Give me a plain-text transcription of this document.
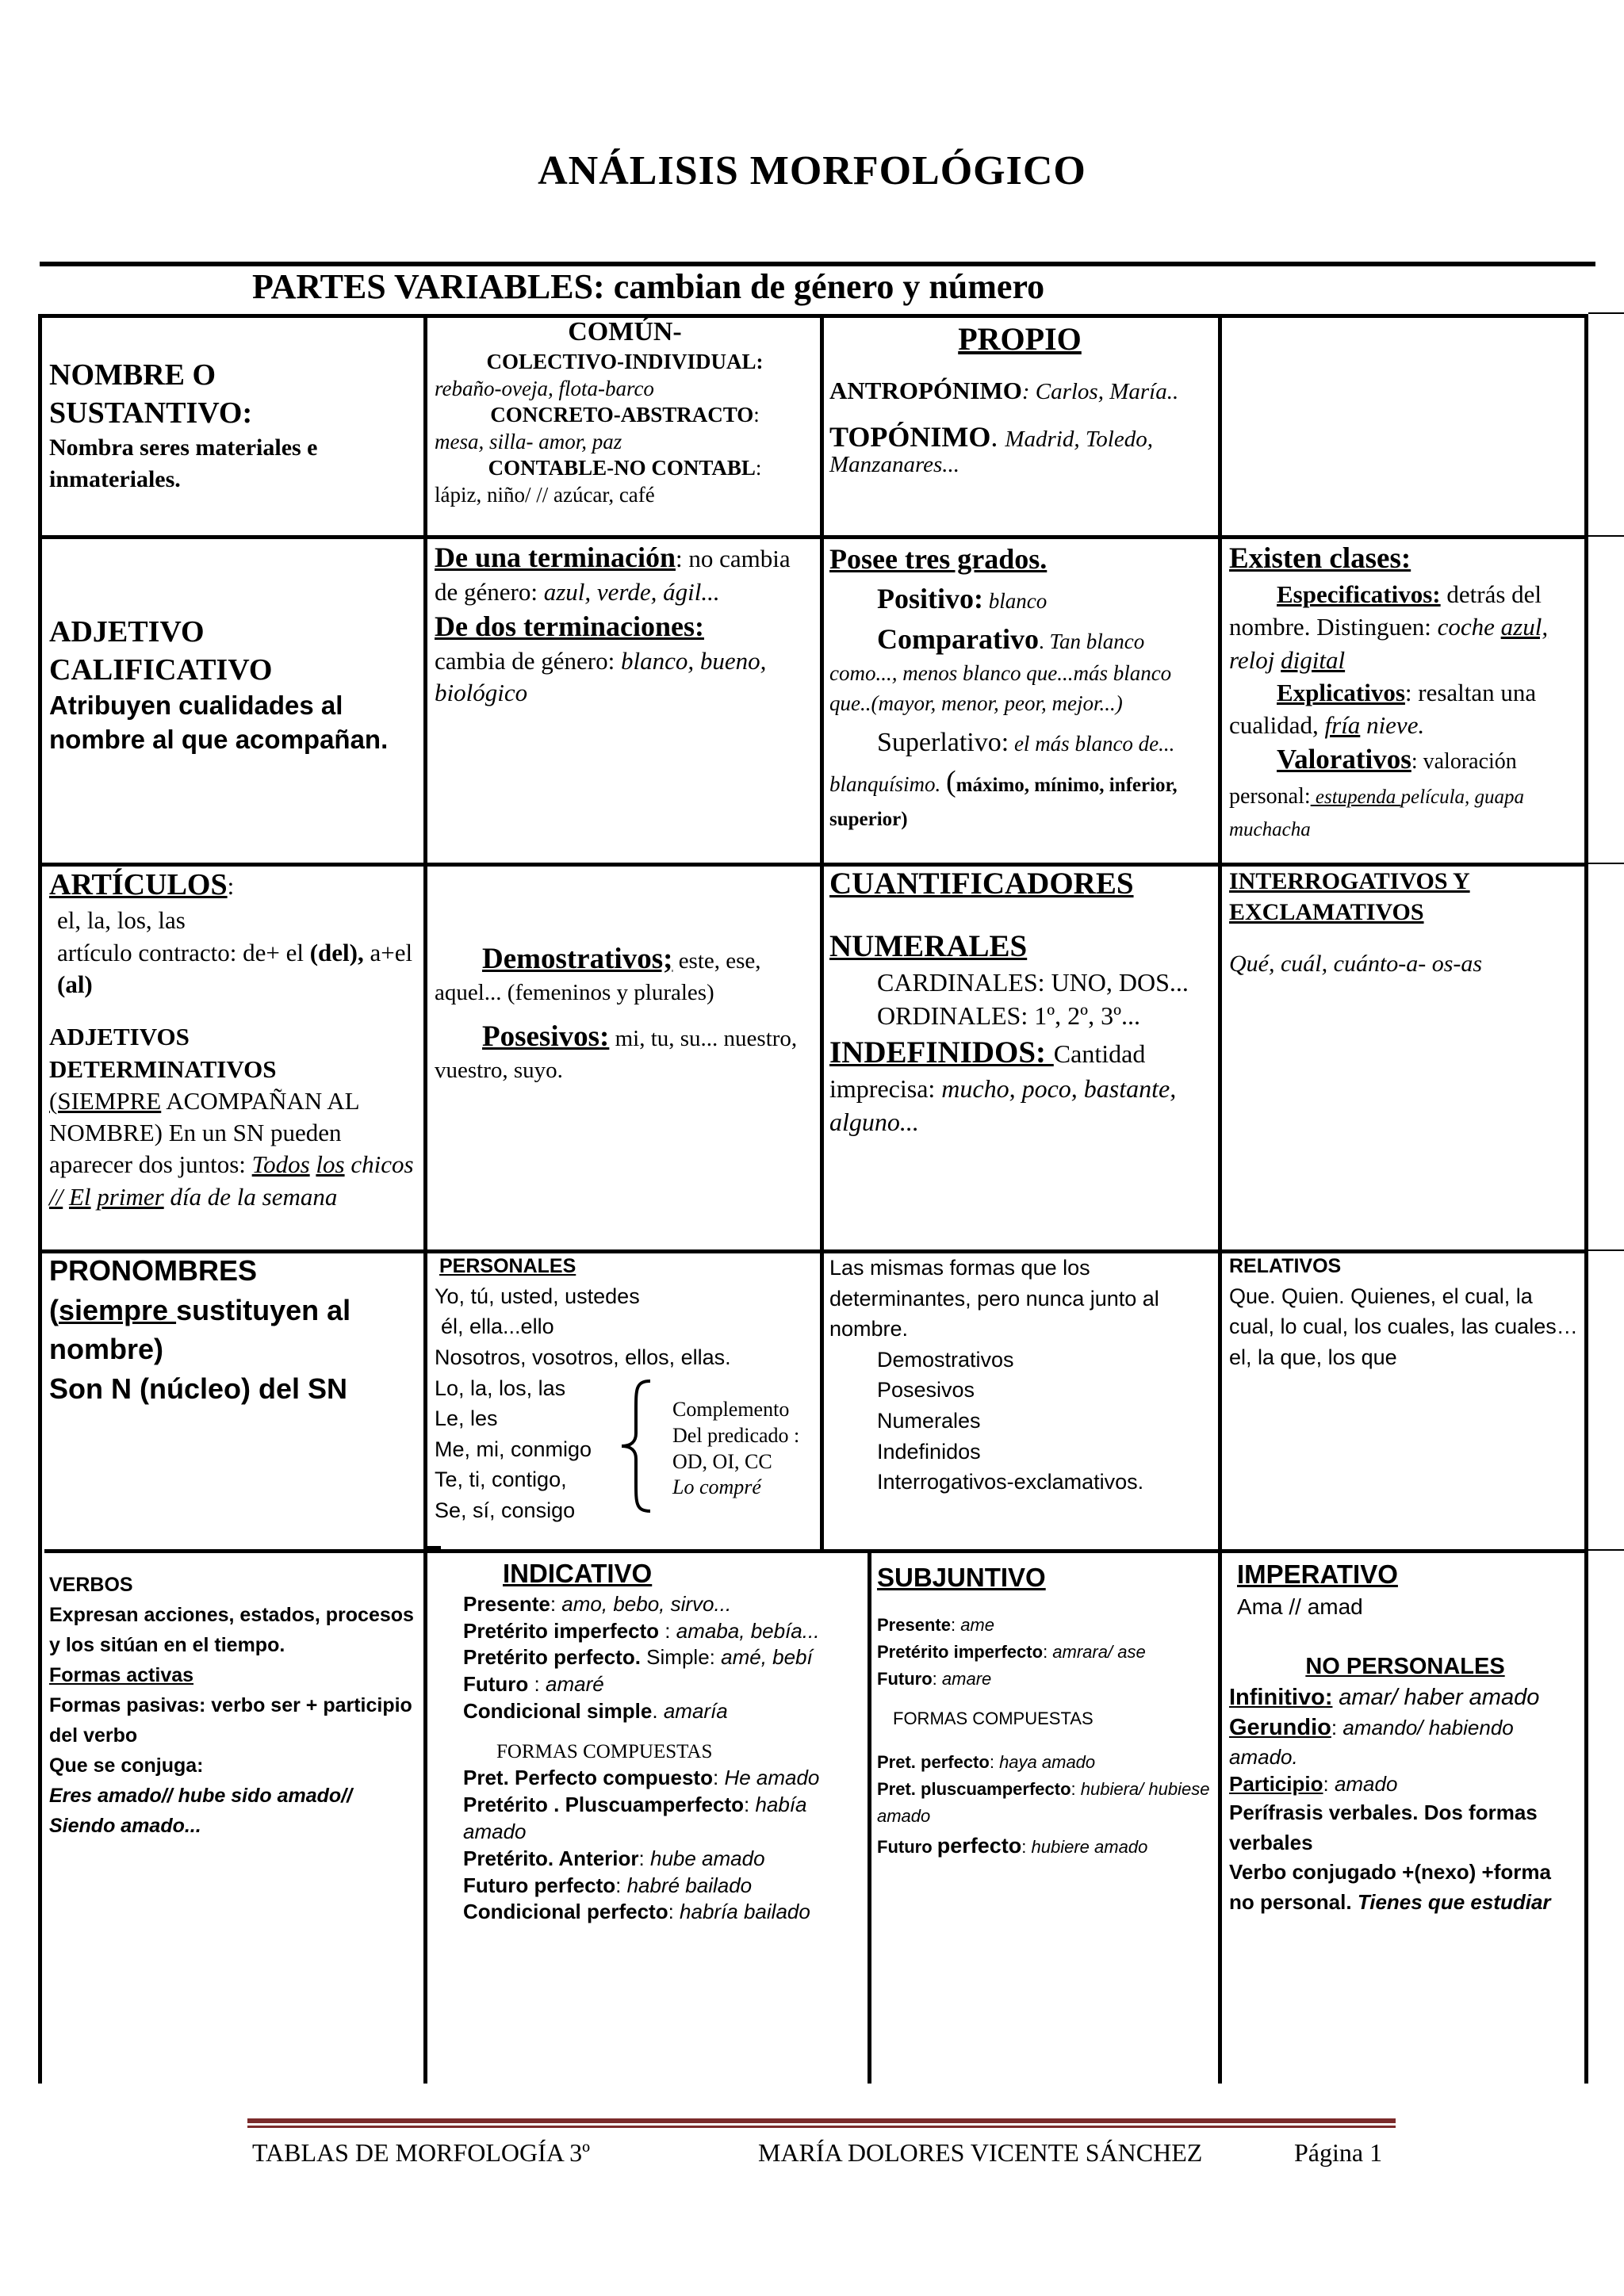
ANÁLISIS MORFOLÓGICO
PARTES VARIABLES: cambian de género y número
NOMBRE O SUSTANTIVO:
Nombra seres materiales e inmateriales.
COMÚN-
COLECTIVO-INDIVIDUAL:
rebaño-oveja, flota-barco
CONCRETO-ABSTRACTO:
mesa, silla- amor, paz
CONTABLE-NO CONTABL:
lápiz, niño/ // azúcar, café
PROPIO
ANTROPÓNIMO: Carlos, María..
TOPÓNIMO. Madrid, Toledo, Manzanares...
ADJETIVO CALIFICATIVO
Atribuyen cualidades al nombre al que acompañan.
De una terminación: no cambia de género: azul, verde, ágil...
De dos terminaciones:
cambia de género: blanco, bueno, biológico
Posee tres grados.
Positivo: blanco
Comparativo. Tan blanco como..., menos blanco que...más blanco que..(mayor, menor, peor, mejor...)
Superlativo: el más blanco de... blanquísimo. (máximo, mínimo, inferior, superior)
Existen clases:
Especificativos: detrás del nombre. Distinguen: coche azul, reloj digital
Explicativos: resaltan una cualidad, fría nieve.
Valorativos: valoración personal: estupenda película, guapa muchacha
ARTÍCULOS:
el, la, los, las
artículo contracto: de+ el (del), a+el (al)
ADJETIVOS DETERMINATIVOS
(SIEMPRE ACOMPAÑAN AL NOMBRE) En un SN pueden aparecer dos juntos: Todos los chicos // El primer día de la semana
Demostrativos; este, ese, aquel... (femeninos y plurales)
Posesivos: mi, tu, su... nuestro, vuestro, suyo.
CUANTIFICADORES
NUMERALES
CARDINALES: UNO, DOS...
ORDINALES: 1º, 2º, 3º...
INDEFINIDOS: Cantidad imprecisa: mucho, poco, bastante, alguno...
INTERROGATIVOS Y EXCLAMATIVOS
Qué, cuál, cuánto-a- os-as
PRONOMBRES
(siempre sustituyen al nombre)
Son N (núcleo) del SN
PERSONALES
Yo, tú, usted, ustedes
él, ella...ello
Nosotros, vosotros, ellos, ellas.
Lo, la, los, las
Le, les
Me, mi, conmigo
Te, ti, contigo,
Se, sí, consigo
Complemento
Del predicado :
OD, OI, CC
Lo compré
Las mismas formas que los determinantes, pero nunca junto al nombre.
Demostrativos
Posesivos
Numerales
Indefinidos
Interrogativos-exclamativos.
RELATIVOS
Que. Quien. Quienes, el cual, la cual, lo cual, los cuales, las cuales…el, la que, los que
VERBOS
Expresan acciones, estados, procesos y los sitúan en el tiempo.
Formas activas
Formas pasivas: verbo ser + participio del verbo
Que se conjuga:
Eres amado// hube sido amado// Siendo amado...
INDICATIVO
Presente: amo, bebo, sirvo...
Pretérito imperfecto : amaba, bebía...
Pretérito perfecto. Simple: amé, bebí
Futuro : amaré
Condicional simple. amaría
FORMAS COMPUESTAS
Pret. Perfecto compuesto: He amado
Pretérito . Pluscuamperfecto: había amado
Pretérito. Anterior: hube amado
Futuro perfecto: habré bailado
Condicional perfecto: habría bailado
SUBJUNTIVO
Presente: ame
Pretérito imperfecto: amrara/ ase
Futuro: amare
FORMAS COMPUESTAS
Pret. perfecto: haya amado
Pret. pluscuamperfecto: hubiera/ hubiese amado
Futuro perfecto: hubiere amado
IMPERATIVO
Ama // amad
NO PERSONALES
Infinitivo: amar/ haber amado
Gerundio: amando/ habiendo amado.
Participio: amado
Perífrasis verbales. Dos formas verbales
Verbo conjugado +(nexo) +forma no personal. Tienes que estudiar
TABLAS DE MORFOLOGÍA 3º	MARÍA DOLORES VICENTE SÁNCHEZ	Página 1
